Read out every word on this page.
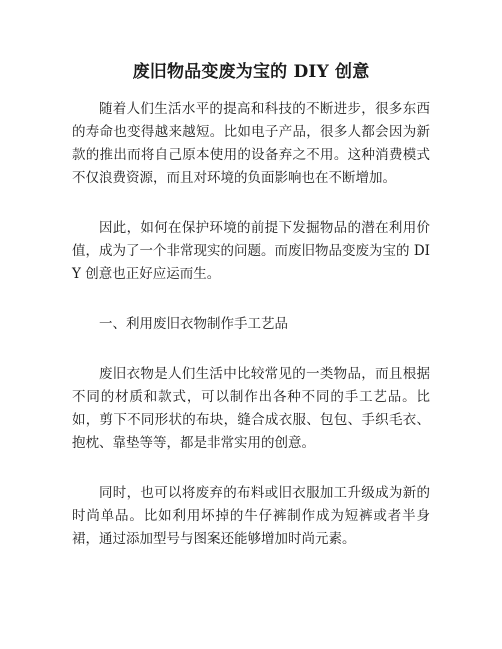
废旧物品变废为宝的 DIY 创意

随着人们生活水平的提高和科技的不断进步，很多东西的寿命也变得越来越短。比如电子产品，很多人都会因为新款的推出而将自己原本使用的设备弃之不用。这种消费模式不仅浪费资源，而且对环境的负面影响也在不断增加。

因此，如何在保护环境的前提下发掘物品的潜在利用价值，成为了一个非常现实的问题。而废旧物品变废为宝的 DIY 创意也正好应运而生。

一、利用废旧衣物制作手工艺品

废旧衣物是人们生活中比较常见的一类物品，而且根据不同的材质和款式，可以制作出各种不同的手工艺品。比如，剪下不同形状的布块，缝合成衣服、包包、手织毛衣、抱枕、靠垫等等，都是非常实用的创意。

同时，也可以将废弃的布料或旧衣服加工升级成为新的时尚单品。比如利用坏掉的牛仔裤制作成为短裤或者半身裙，通过添加型号与图案还能够增加时尚元素。
